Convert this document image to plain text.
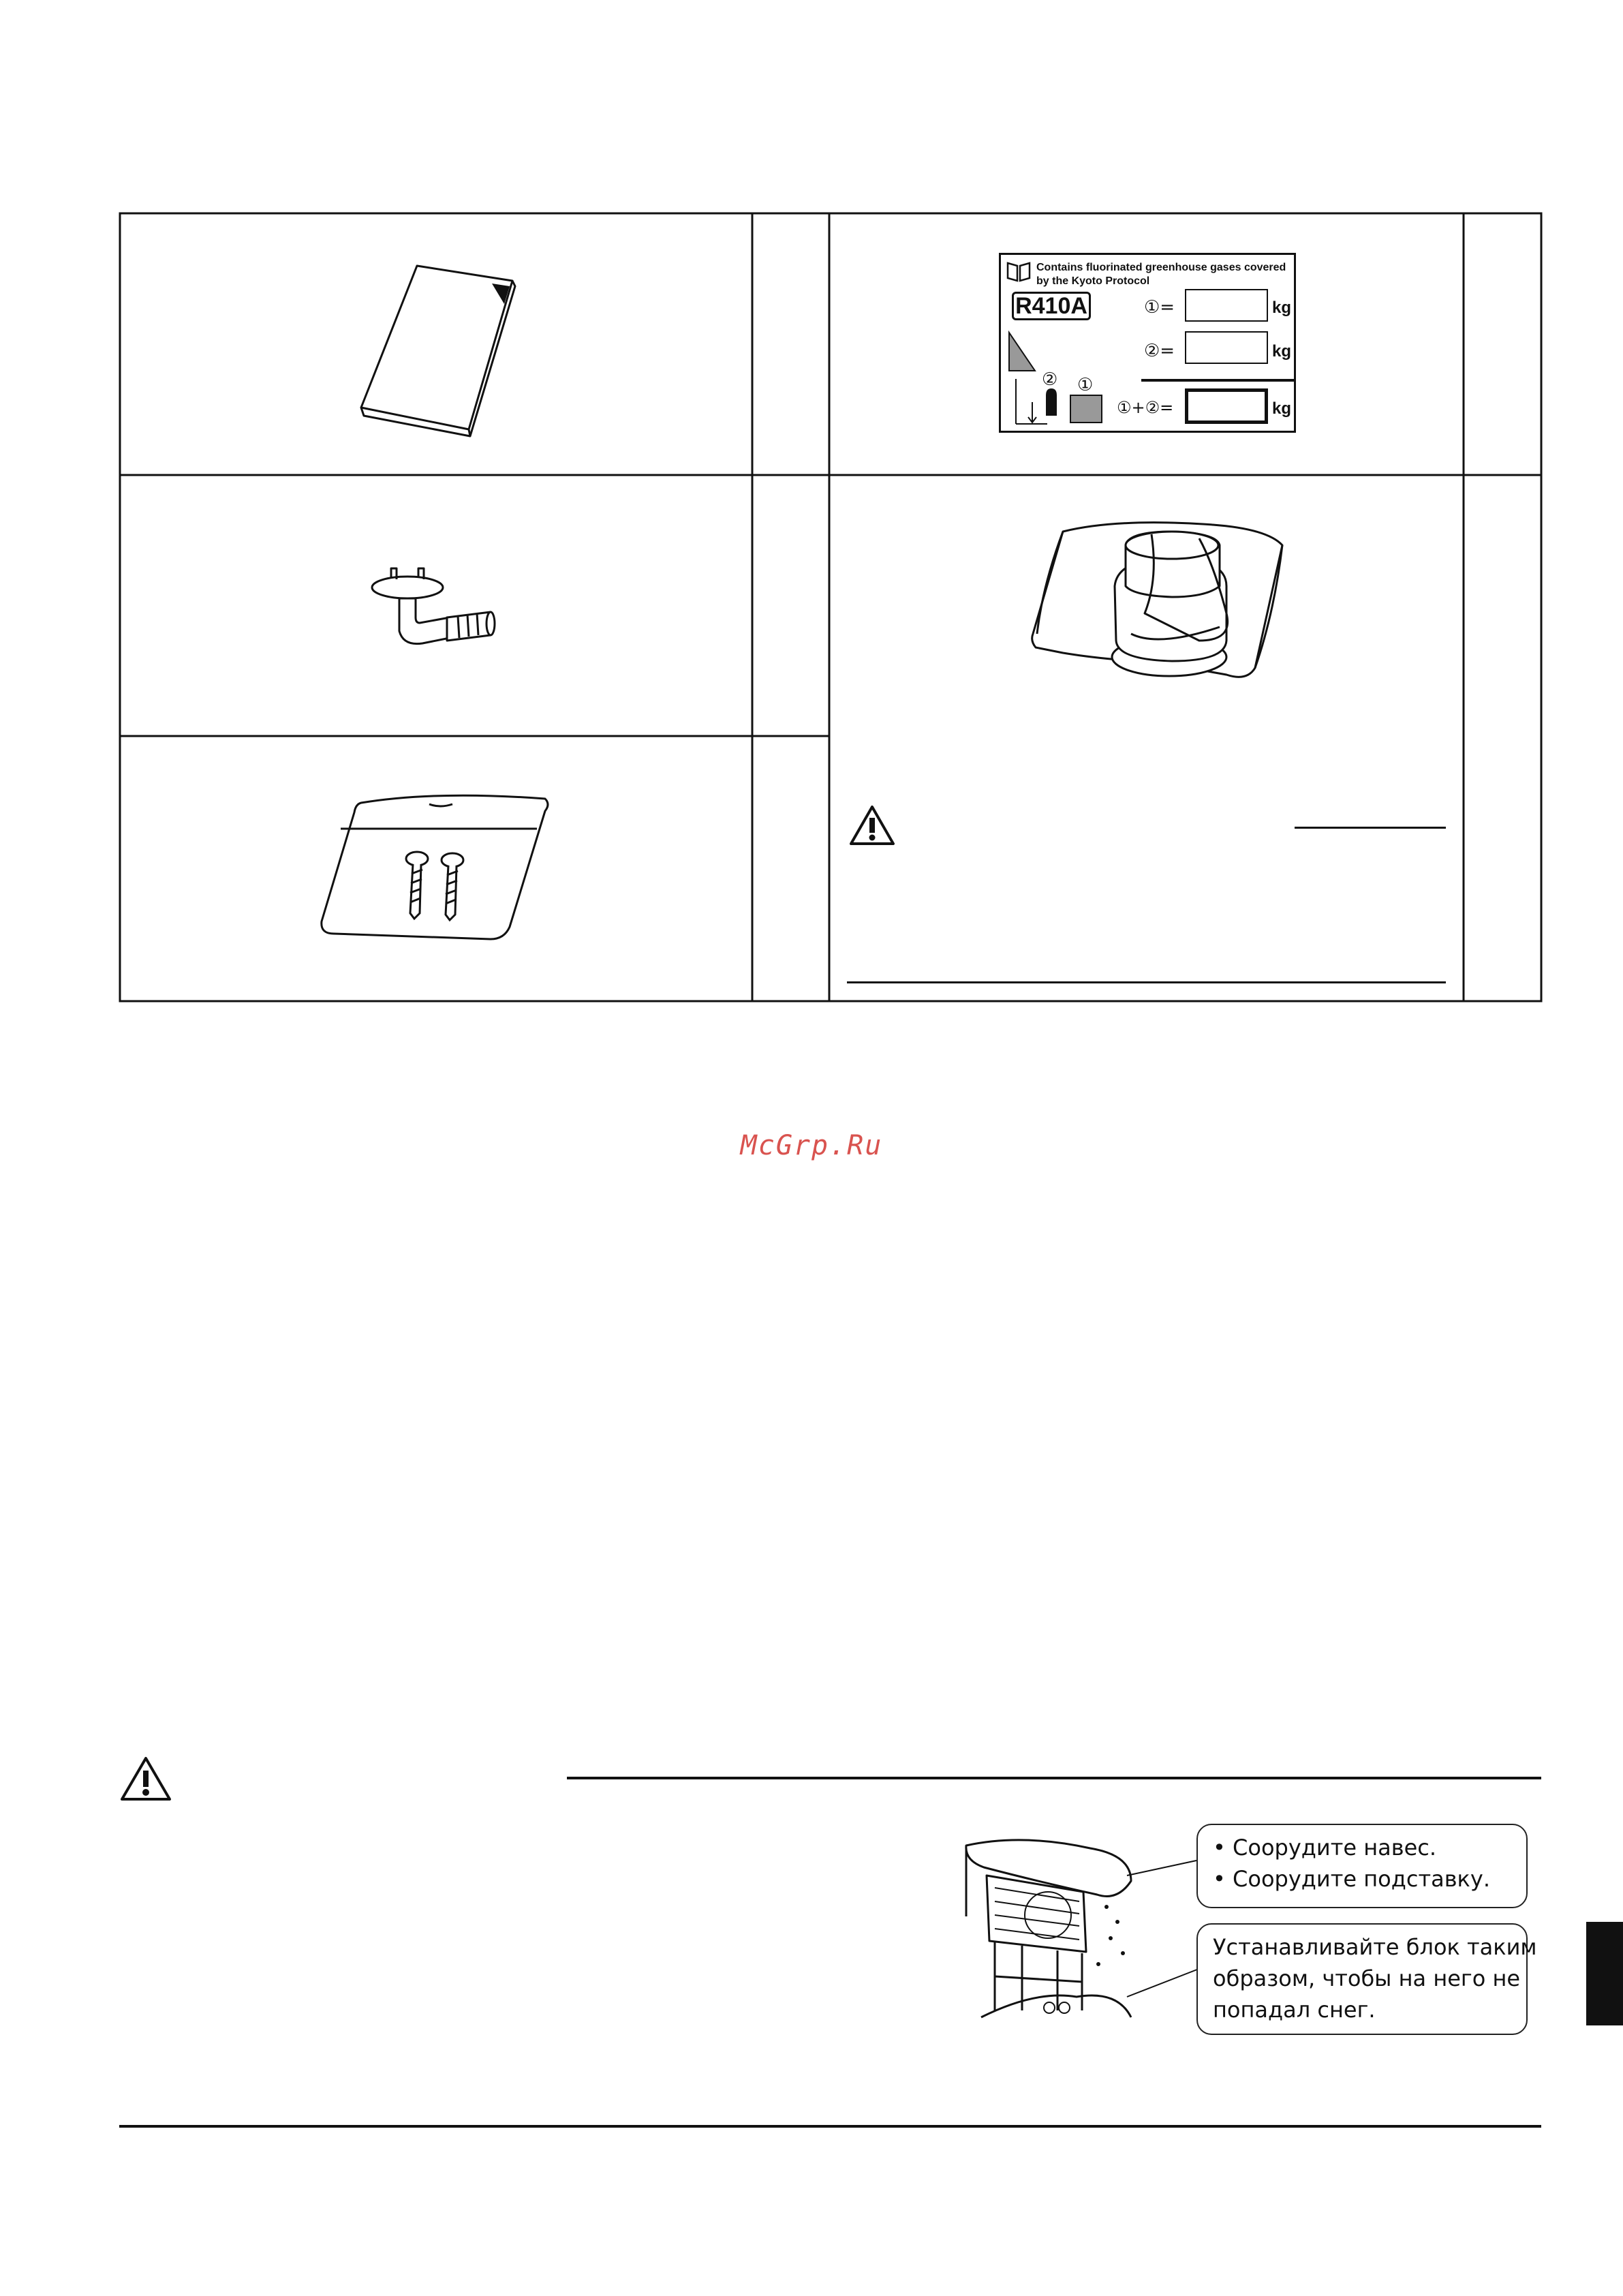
Contains fluorinated greenhouse gases covered
by the Kyoto Protocol
R410A	①=	kg
②=	kg
①+②=	kg
② ①
McGrp.Ru
• Соорудите навес.
• Соорудите подставку.
Устанавливайте блок таким
образом, чтобы на него не
попадал снег.
